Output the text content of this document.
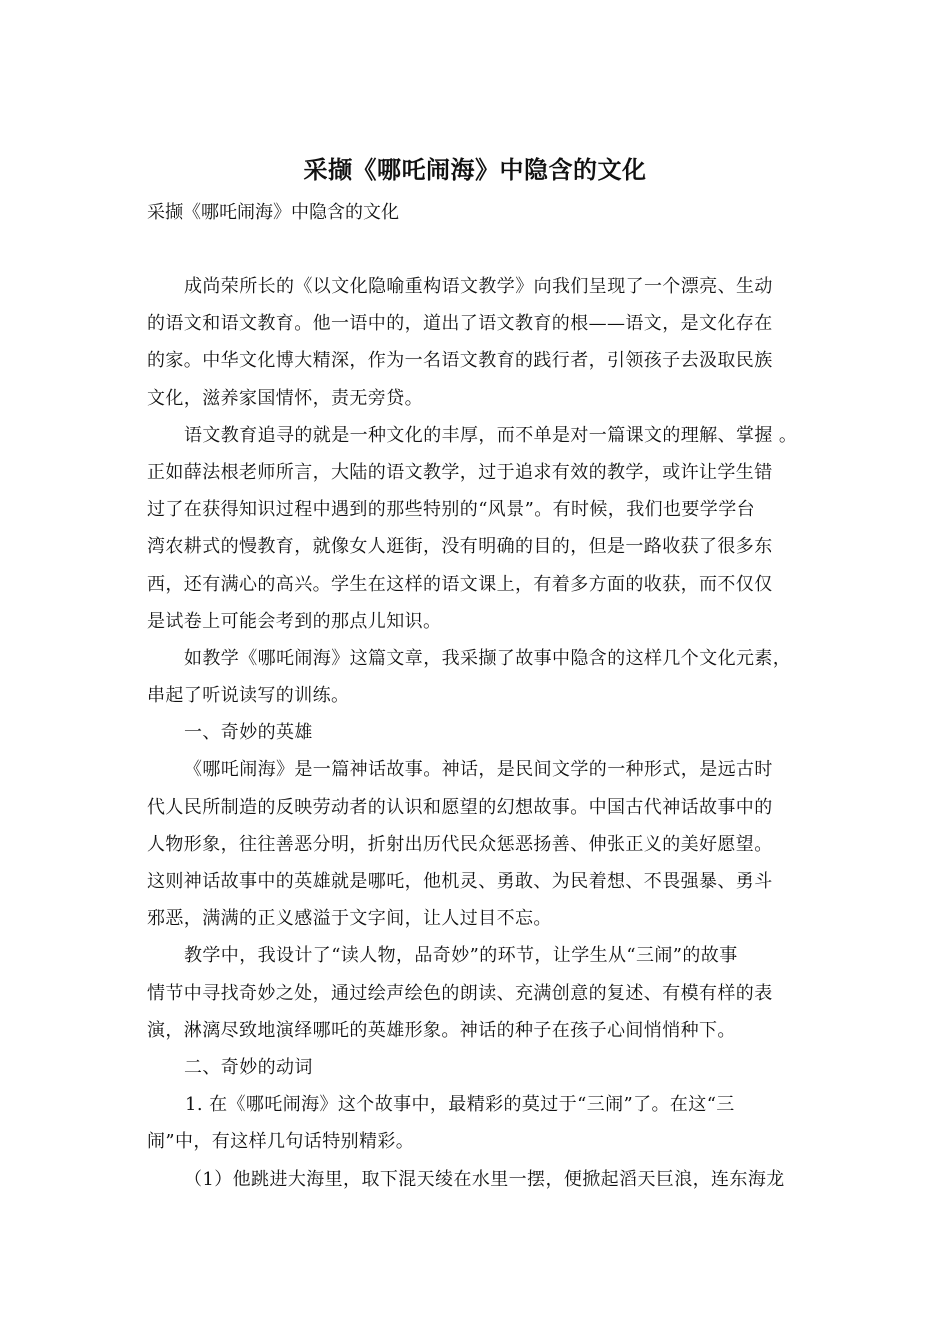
采撷《哪吒闹海》中隐含的文化
采撷《哪吒闹海》中隐含的文化
成尚荣所长的《以文化隐喻重构语文教学》向我们呈现了一个漂亮、生动
的语文和语文教育。他一语中的，道出了语文教育的根——语文，是文化存在
的家。中华文化博大精深，作为一名语文教育的践行者，引领孩子去汲取民族
文化，滋养家国情怀，责无旁贷。
语文教育追寻的就是一种文化的丰厚，而不单是对一篇课文的理解、掌握 。
正如薛法根老师所言，大陆的语文教学，过于追求有效的教学，或许让学生错
过了在获得知识过程中遇到的那些特别的“风景”。有时候，我们也要学学台
湾农耕式的慢教育，就像女人逛街，没有明确的目的，但是一路收获了很多东
西，还有满心的高兴。学生在这样的语文课上，有着多方面的收获，而不仅仅
是试卷上可能会考到的那点儿知识。
如教学《哪吒闹海》这篇文章，我采撷了故事中隐含的这样几个文化元素，
串起了听说读写的训练。
一、奇妙的英雄
《哪吒闹海》是一篇神话故事。神话，是民间文学的一种形式，是远古时
代人民所制造的反映劳动者的认识和愿望的幻想故事。中国古代神话故事中的
人物形象，往往善恶分明，折射出历代民众惩恶扬善、伸张正义的美好愿望。
这则神话故事中的英雄就是哪吒，他机灵、勇敢、为民着想、不畏强暴、勇斗
邪恶，满满的正义感溢于文字间，让人过目不忘。
教学中，我设计了“读人物，品奇妙”的环节，让学生从“三闹”的故事
情节中寻找奇妙之处，通过绘声绘色的朗读、充满创意的复述、有模有样的表
演，淋漓尽致地演绎哪吒的英雄形象。神话的种子在孩子心间悄悄种下。
二、奇妙的动词
1. 在《哪吒闹海》这个故事中，最精彩的莫过于“三闹”了。在这“三
闹”中，有这样几句话特别精彩。
（1）他跳进大海里，取下混天绫在水里一摆，便掀起滔天巨浪，连东海龙
